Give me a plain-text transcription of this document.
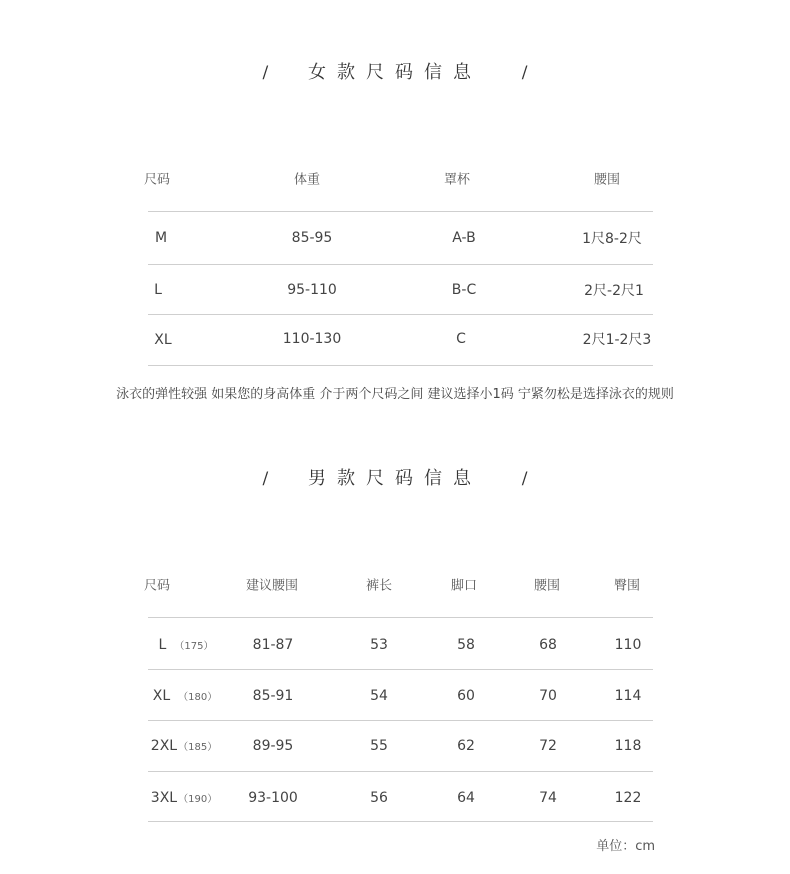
/ 女款尺码信息 /
尺码	体重	罩杯	腰围
M	85-95	A-B	1尺8-2尺
L	95-110	B-C	2尺-2尺1
XL	110-130	C	2尺1-2尺3
泳衣的弹性较强 如果您的身高体重 介于两个尺码之间 建议选择小1码 宁紧勿松是选择泳衣的规则
/ 男款尺码信息 /
尺码	建议腰围	裤长	脚口	腰围	臀围
L （175）	81-87	53	58	68	110
XL （180）	85-91	54	60	70	114
2XL（185）	89-95	55	62	72	118
3XL（190） 93-100	56	64	74	122
单位：cm
